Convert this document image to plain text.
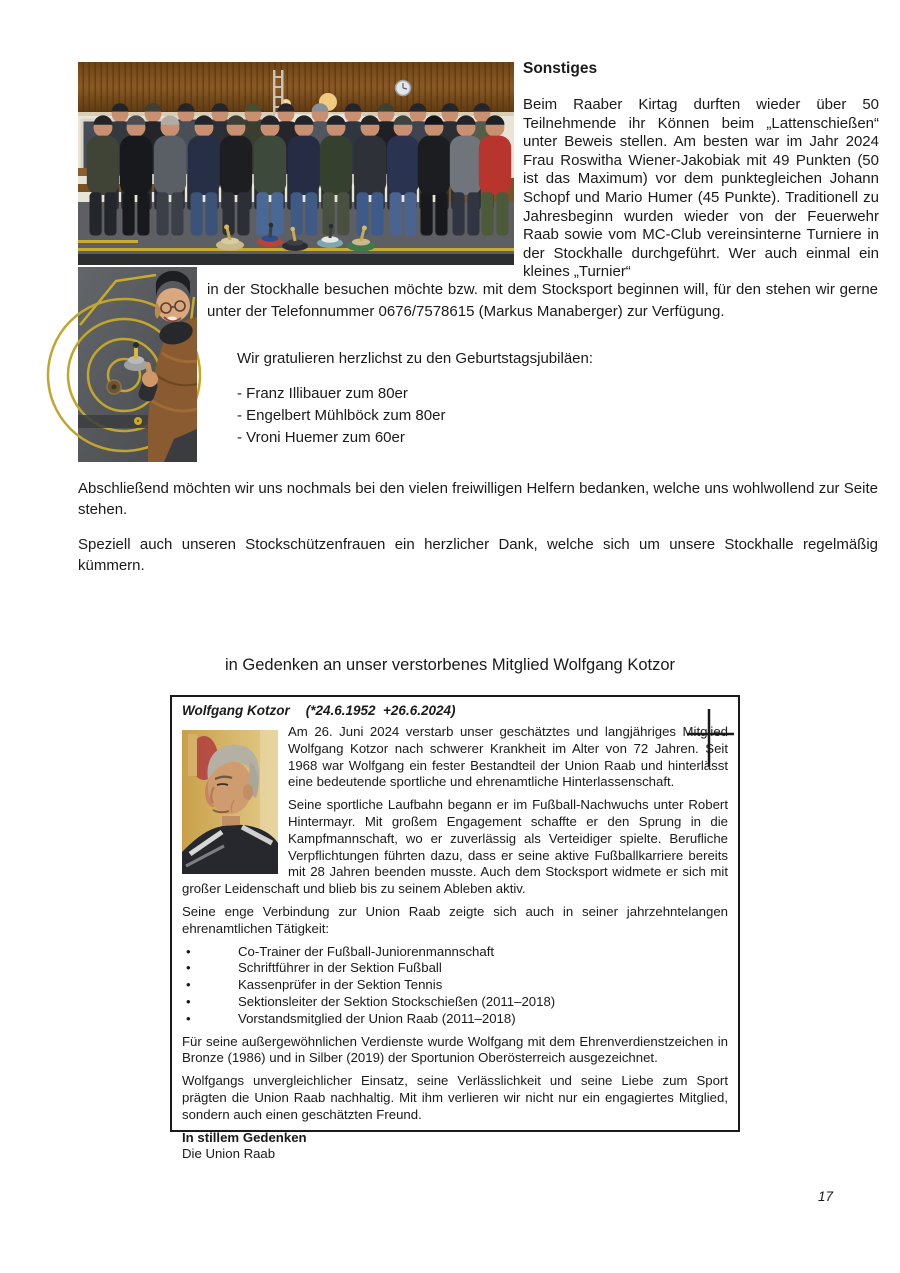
Sonstiges
Beim Raaber Kirtag durften wieder über 50 Teilnehmende ihr Können beim „Lattenschießen“ unter Beweis stellen. Am besten war im Jahr 2024 Frau Roswitha Wiener-Jakobiak mit 49 Punkten (50 ist das Maximum) vor dem punktegleichen Johann Schopf und Mario Humer (45 Punkte). Traditionell zu Jahresbeginn wurden wieder von der Feuerwehr Raab sowie vom MC-Club vereinsinterne Turniere in der Stockhalle durchgeführt. Wer auch einmal ein kleines „Turnier“
in der Stockhalle besuchen möchte bzw. mit dem Stocksport beginnen will, für den stehen wir gerne unter der Telefonnummer 0676/7578615 (Markus Manaberger) zur Verfügung.
Wir gratulieren herzlichst zu den Geburtstagsjubiläen:
- Franz Illibauer zum 80er
- Engelbert Mühlböck zum 80er
- Vroni Huemer zum 60er
Abschließend möchten wir uns nochmals bei den vielen freiwilligen Helfern bedanken, welche uns wohlwollend zur Seite stehen.
Speziell auch unseren Stockschützenfrauen ein herzlicher Dank, welche sich um unsere Stockhalle regelmäßig kümmern.
in Gedenken an unser verstorbenes Mitglied Wolfgang Kotzor
Wolfgang Kotzor (*24.6.1952  +26.6.2024)

Am 26. Juni 2024 verstarb unser geschätztes und langjähriges Mitglied Wolfgang Kotzor nach schwerer Krankheit im Alter von 72 Jahren. Seit 1968 war Wolfgang ein fester Bestandteil der Union Raab und hinterlässt eine bedeutende sportliche und ehrenamtliche Hinterlassenschaft.

Seine sportliche Laufbahn begann er im Fußball-Nachwuchs unter Robert Hintermayr. Mit großem Engagement schaffte er den Sprung in die Kampfmannschaft, wo er zuverlässig als Verteidiger spielte. Berufliche Verpflichtungen führten dazu, dass er seine aktive Fußballkarriere bereits mit 28 Jahren beenden musste. Auch dem Stocksport widmete er sich mit großer Leidenschaft und blieb bis zu seinem Ableben aktiv.

Seine enge Verbindung zur Union Raab zeigte sich auch in seiner jahrzehntelangen ehrenamtlichen Tätigkeit:

•	Co-Trainer der Fußball-Juniorenmannschaft
•	Schriftführer in der Sektion Fußball
•	Kassenprüfer in der Sektion Tennis
•	Sektionsleiter der Sektion Stockschießen (2011–2018)
•	Vorstandsmitglied der Union Raab (2011–2018)

Für seine außergewöhnlichen Verdienste wurde Wolfgang mit dem Ehrenverdienstzeichen in Bronze (1986) und in Silber (2019) der Sportunion Oberösterreich ausgezeichnet.

Wolfgangs unvergleichlicher Einsatz, seine Verlässlichkeit und seine Liebe zum Sport prägten die Union Raab nachhaltig. Mit ihm verlieren wir nicht nur ein engagiertes Mitglied, sondern auch einen geschätzten Freund.

In stillem Gedenken

Die Union Raab

17
